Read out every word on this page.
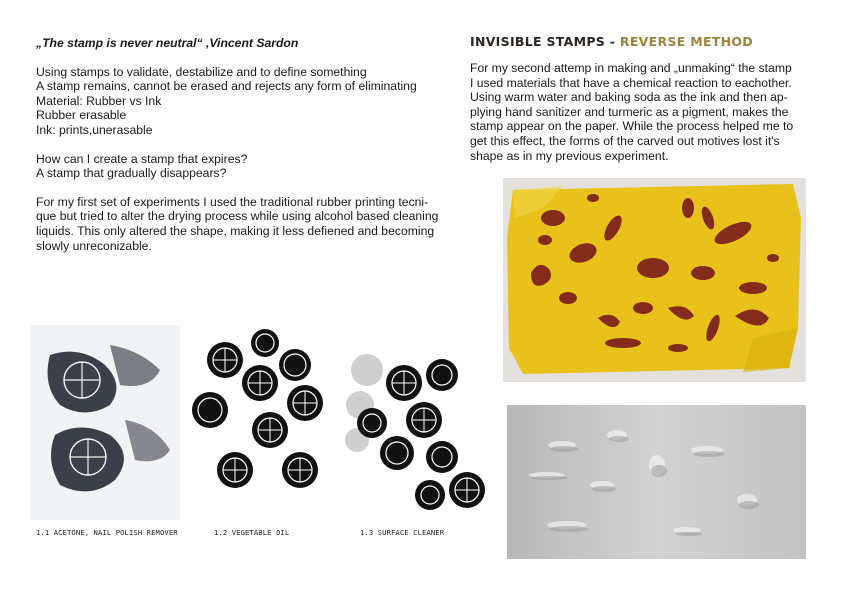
„The stamp is never neutral“ ,Vincent Sardon

Using stamps to validate, destabilize and to define something
A stamp remains, cannot be erased and rejects any form of eliminating
Material: Rubber vs Ink
Rubber erasable
Ink: prints,unerasable

How can I create a stamp that expires?
A stamp that gradually disappears?

For my first set of experiments I used the traditional rubber printing tecni-
que but tried to alter the drying process while using alcohol based cleaning
liquids. This only altered the shape, making it less defiened and becoming
slowly unreconizable.

INVISIBLE STAMPS - REVERSE METHOD

For my second attemp in making and „unmaking“ the stamp
I used materials that have a chemical reaction to eachother.
Using warm water and baking soda as the ink and then ap-
plying hand sanitizer and turmeric as a pigment, makes the
stamp appear on the paper. While the process helped me to
get this effect, the forms of the carved out motives lost it's
shape as in my previous experiment.

1.1 ACETONE, NAIL POLISH REMOVER	1.2 VEGETABLE OIL	1.3 SURFACE CLEANER
